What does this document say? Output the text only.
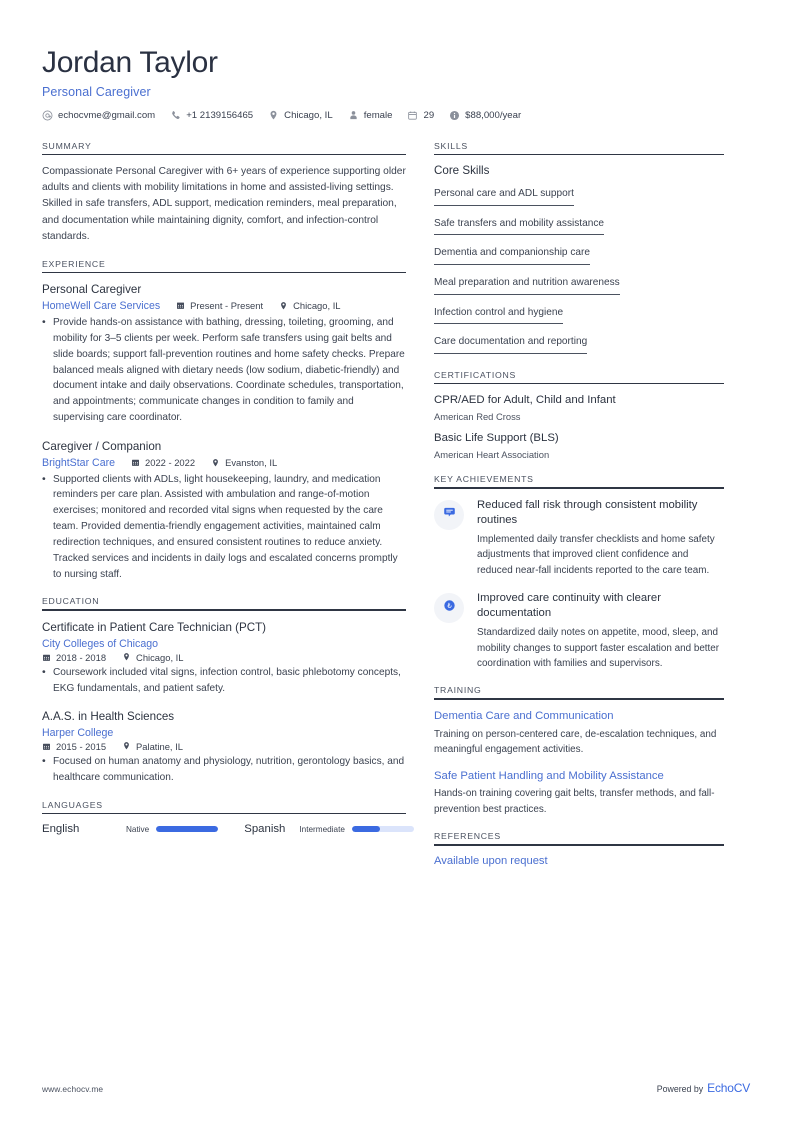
Jordan Taylor
Personal Caregiver
echocvme@gmail.com	+1 2139156465	Chicago, IL	female	29	$88,000/year
SUMMARY
Compassionate Personal Caregiver with 6+ years of experience supporting older adults and clients with mobility limitations in home and assisted-living settings. Skilled in safe transfers, ADL support, medication reminders, meal preparation, and documentation while maintaining dignity, comfort, and infection-control standards.
EXPERIENCE
Personal Caregiver
HomeWell Care Services	Present - Present	Chicago, IL
• Provide hands-on assistance with bathing, dressing, toileting, grooming, and mobility for 3–5 clients per week. Perform safe transfers using gait belts and slide boards; support fall-prevention routines and home safety checks. Prepare balanced meals aligned with dietary needs (low sodium, diabetic-friendly) and document intake and daily observations. Coordinate schedules, transportation, and appointments; communicate changes in condition to family and supervising care coordinator.
Caregiver / Companion
BrightStar Care	2022 - 2022	Evanston, IL
• Supported clients with ADLs, light housekeeping, laundry, and medication reminders per care plan. Assisted with ambulation and range-of-motion exercises; monitored and recorded vital signs when requested by the care team. Provided dementia-friendly engagement activities, maintained calm redirection techniques, and ensured consistent routines to reduce anxiety. Tracked services and incidents in daily logs and escalated concerns promptly to nursing staff.
EDUCATION
Certificate in Patient Care Technician (PCT)
City Colleges of Chicago
2018 - 2018	Chicago, IL
• Coursework included vital signs, infection control, basic phlebotomy concepts, EKG fundamentals, and patient safety.
A.A.S. in Health Sciences
Harper College
2015 - 2015	Palatine, IL
• Focused on human anatomy and physiology, nutrition, gerontology basics, and healthcare communication.
LANGUAGES
English	Native	Spanish Intermediate
SKILLS
Core Skills
Personal care and ADL support
Safe transfers and mobility assistance
Dementia and companionship care
Meal preparation and nutrition awareness
Infection control and hygiene
Care documentation and reporting
CERTIFICATIONS
CPR/AED for Adult, Child and Infant
American Red Cross
Basic Life Support (BLS)
American Heart Association
KEY ACHIEVEMENTS
Reduced fall risk through consistent mobility routines
Implemented daily transfer checklists and home safety adjustments that improved client confidence and reduced near-fall incidents reported to the care team.
₺
Improved care continuity with clearer documentation
Standardized daily notes on appetite, mood, sleep, and mobility changes to support faster escalation and better coordination with families and supervisors.
TRAINING
Dementia Care and Communication
Training on person-centered care, de-escalation techniques, and meaningful engagement activities.
Safe Patient Handling and Mobility Assistance
Hands-on training covering gait belts, transfer methods, and fall-prevention best practices.
REFERENCES
Available upon request
www.echocv.me	Powered by EchoCV
